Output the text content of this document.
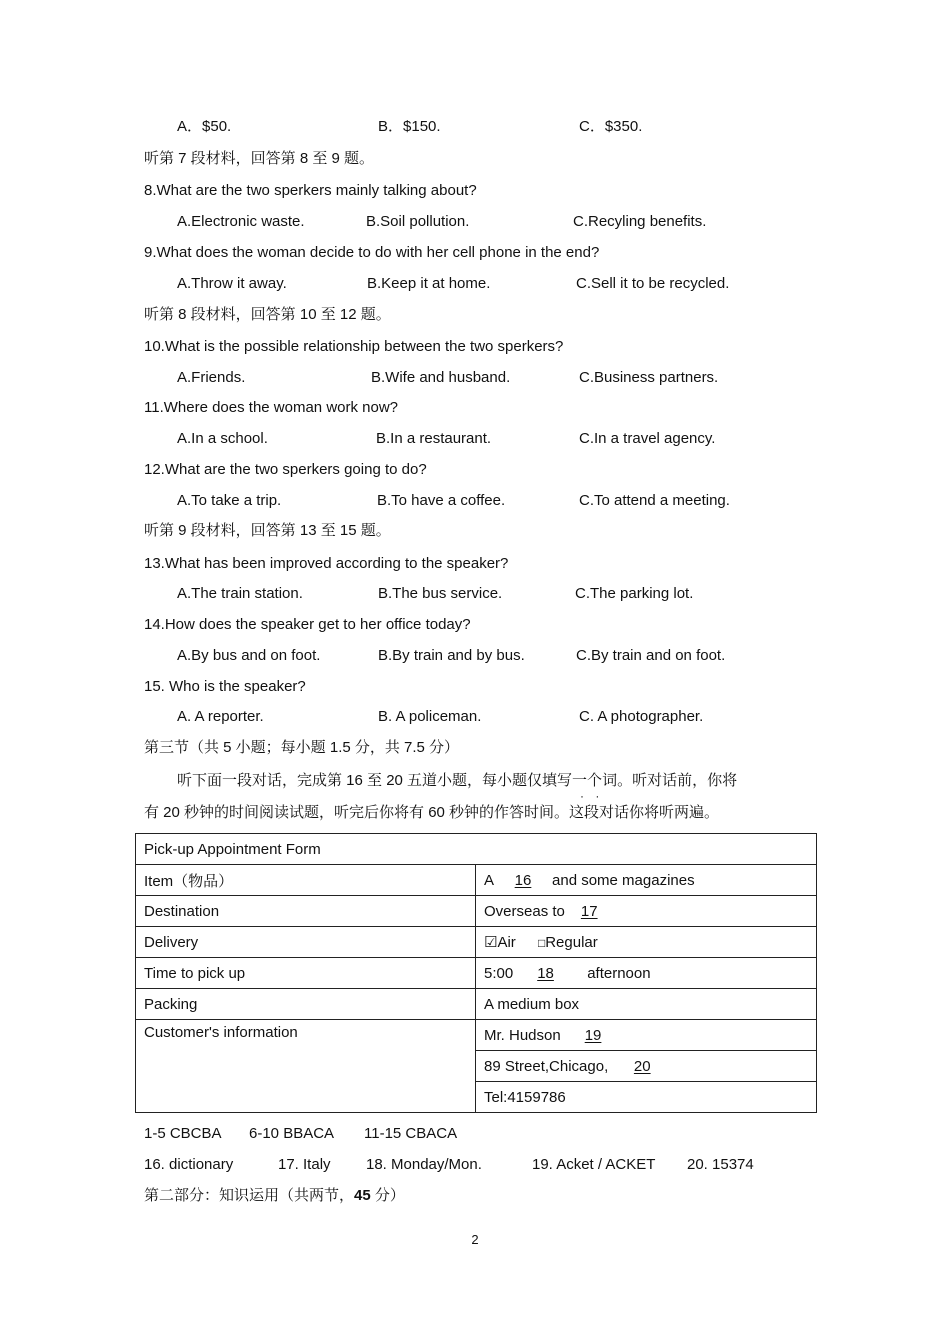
A．$50.	B．$150.	C．$350.
听第 7 段材料，回答第 8 至 9 题。
8.What are the two sperkers mainly talking about?
A.Electronic waste.	B.Soil pollution.	C.Recyling benefits.
9.What does the woman decide to do with her cell phone in the end?
A.Throw it away.	B.Keep it at home.	C.Sell it to be recycled.
听第 8 段材料，回答第 10 至 12 题。
10.What is the possible relationship between the two sperkers?
A.Friends.	B.Wife and husband.	C.Business partners.
11.Where does the woman work now?
A.In a school.	B.In a restaurant.	C.In a travel agency.
12.What are the two sperkers going to do?
A.To take a trip.	B.To have a coffee.	C.To attend a meeting.
听第 9 段材料，回答第 13 至 15 题。
13.What has been improved according to the speaker?
A.The train station.	B.The bus service.	C.The parking lot.
14.How does the speaker get to her office today?
A.By bus and on foot.	B.By train and by bus.	C.By train and on foot.
15. Who is the speaker?
A. A reporter.	B. A policeman.	C. A photographer.
第三节（共 5 小题；每小题 1.5 分，共 7.5 分）
听下面一段对话，完成第 16 至 20 五道小题，每小题仅填写一个 · ·词。听对话前，你将
有 20 秒钟的时间阅读试题，听完后你将有 60 秒钟的作答时间。这段对话你将听两遍。
Pick-up Appointment Form	
Item（物品）	A 16 and some magazines
Destination	Overseas to 17
Delivery	☑Air □Regular
Time to pick up	5:00 18 afternoon
Packing	A medium box
Customer's information	Mr. Hudson 19
	89 Street,Chicago, 20
	Tel:4159786
1-5 CBCBA 6-10 BBACA 11-15 CBACA
16. dictionary	17. Italy 18. Monday/Mon.	19. Acket / ACKET 20. 15374
第二部分：知识运用（共两节，45 分）
2
